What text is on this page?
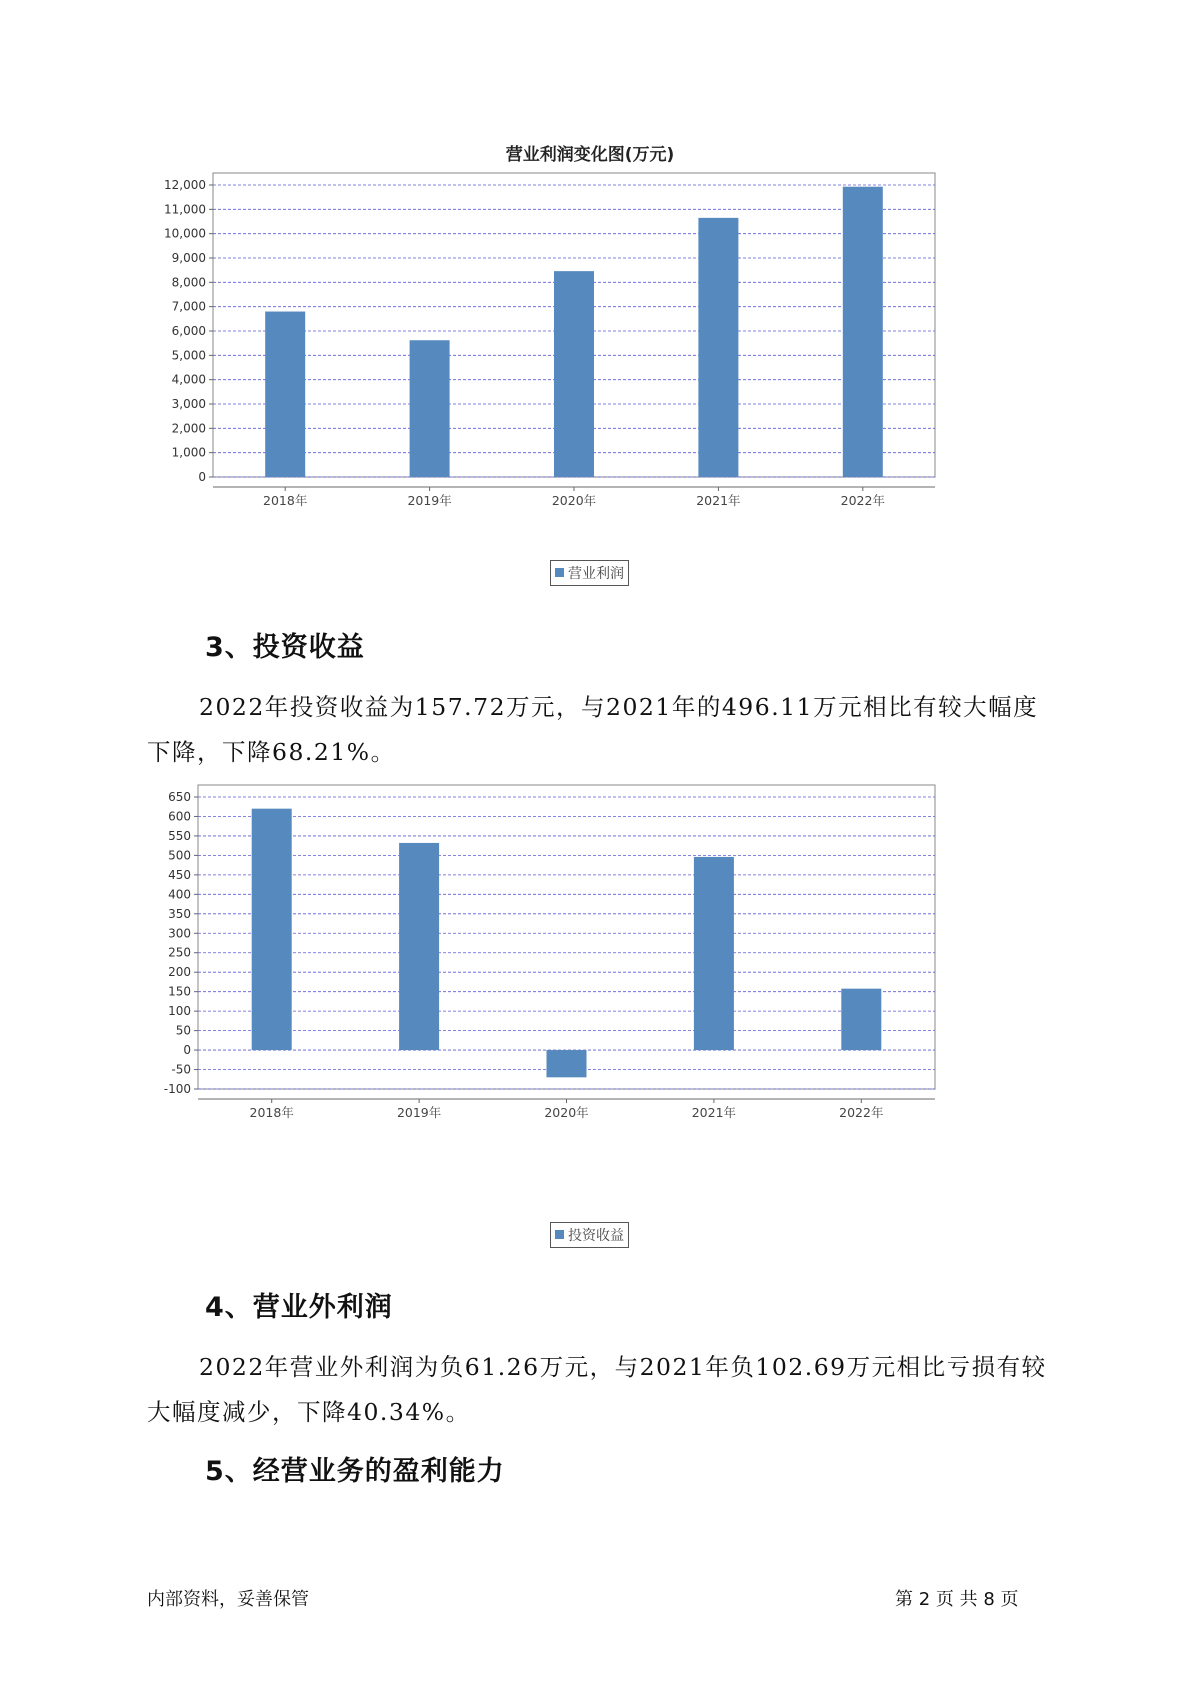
营业利润变化图(万元)
0
1,000
2,000
3,000
4,000
5,000
6,000
7,000
8,000
9,000
10,000
11,000
12,000
2018年	2019年	2020年	2021年	2022年
营业利润
3、投资收益

2022年投资收益为157.72万元，与2021年的496.11万元相比有较大幅度下降，下降68.21%。

-100
-50
0
50
100
150
200
250
300
350
400
450
500
550
600
650
2018年	2019年	2020年	2021年	2022年
投资收益
4、营业外利润

2022年营业外利润为负61.26万元，与2021年负102.69万元相比亏损有较大幅度减少，下降40.34%。

5、经营业务的盈利能力
内部资料，妥善保管	第 2 页 共 8 页
